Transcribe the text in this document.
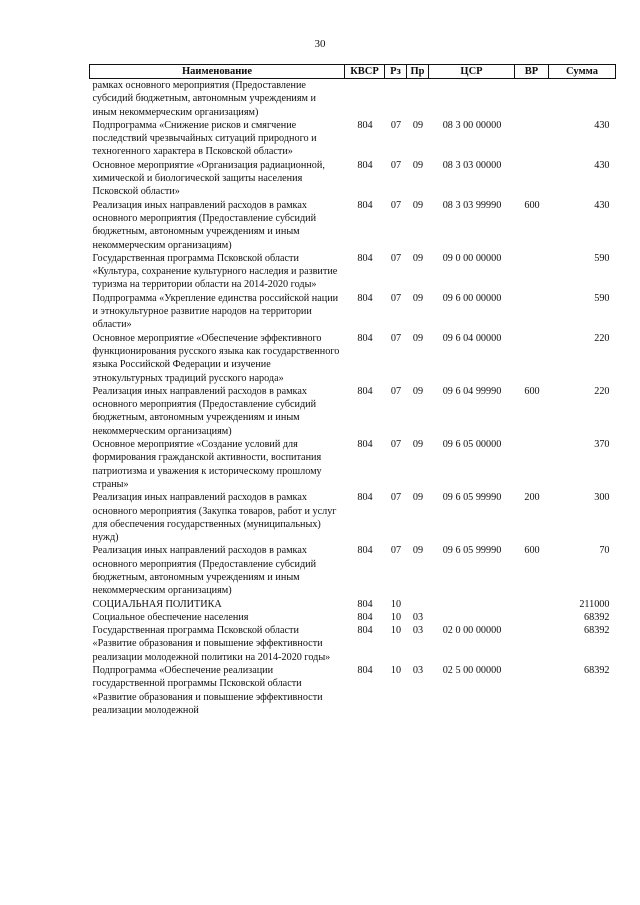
30
Наименование	КВСР	Рз	Пр	ЦСР	ВР	Сумма
рамках основного мероприятия (Предоставление субсидий бюджетным, автономным учреждениям и иным некоммерческим организациям)						
Подпрограмма «Снижение рисков и смягчение последствий чрезвычайных ситуаций природного и техногенного характера в Псковской области»	804	07	09	08 3 00 00000		430
Основное мероприятие «Организация радиационной, химической и биологической защиты населения Псковской области»	804	07	09	08 3 03 00000		430
Реализация иных направлений расходов в рамках основного мероприятия (Предоставление субсидий бюджетным, автономным учреждениям и иным некоммерческим организациям)	804	07	09	08 3 03 99990	600	430
Государственная программа Псковской области «Культура, сохранение культурного наследия и развитие туризма на территории области на 2014-2020 годы»	804	07	09	09 0 00 00000		590
Подпрограмма «Укрепление единства российской нации и этнокультурное развитие народов на территории области»	804	07	09	09 6 00 00000		590
Основное мероприятие «Обеспечение эффективного функционирования русского языка как государственного языка Российской Федерации и изучение этнокультурных традиций русского народа»	804	07	09	09 6 04 00000		220
Реализация иных направлений расходов в рамках основного мероприятия (Предоставление субсидий бюджетным, автономным учреждениям и иным некоммерческим организациям)	804	07	09	09 6 04 99990	600	220
Основное мероприятие «Создание условий для формирования гражданской активности, воспитания патриотизма и уважения к историческому прошлому страны»	804	07	09	09 6 05 00000		370
Реализация иных направлений расходов в рамках основного мероприятия (Закупка товаров, работ и услуг для обеспечения государственных (муниципальных) нужд)	804	07	09	09 6 05 99990	200	300
Реализация иных направлений расходов в рамках основного мероприятия (Предоставление субсидий бюджетным, автономным учреждениям и иным некоммерческим организациям)	804	07	09	09 6 05 99990	600	70
СОЦИАЛЬНАЯ ПОЛИТИКА	804	10				211000
Социальное обеспечение населения	804	10	03			68392
Государственная программа Псковской области «Развитие образования и повышение эффективности реализации молодежной политики на 2014-2020 годы»	804	10	03	02 0 00 00000		68392
Подпрограмма «Обеспечение реализации государственной программы Псковской области «Развитие образования и повышение эффективности реализации молодежной	804	10	03	02 5 00 00000		68392
